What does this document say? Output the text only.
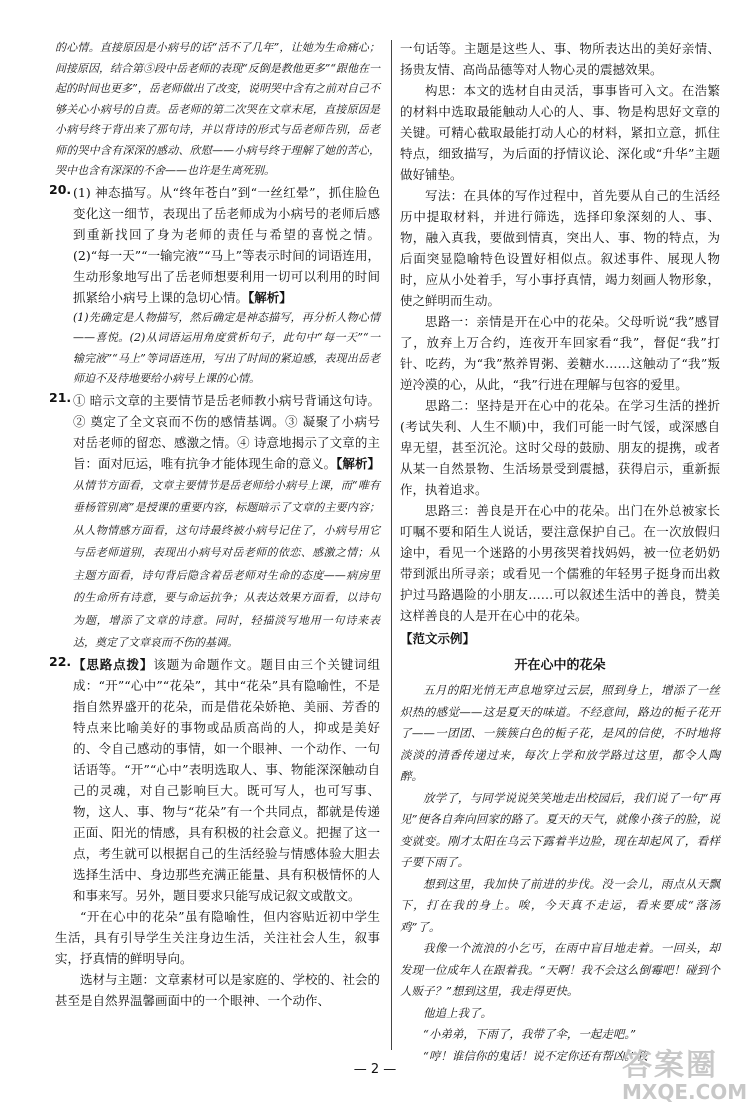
的心情。直接原因是小病号的话“活不了几年”，让她为生命痛心；间接原因，结合第⑤段中岳老师的表现“反倒是教他更多”“跟他在一起的时间也更多”，岳老师做出了改变，说明哭中含有之前对自己不够关心小病号的自责。岳老师的第二次哭在文章末尾，直接原因是小病号终于背出来了那句诗，并以背诗的形式与岳老师告别，岳老师的哭中含有深深的感动、欣慰——小病号终于理解了她的苦心，哭中也含有深深的不舍——也许是生离死别。

20. (1) 神态描写。从“终年苍白”到“一丝红晕”，抓住脸色变化这一细节，表现出了岳老师成为小病号的老师后感到重新找回了身为老师的责任与希望的喜悦之情。(2)“每一天”“一输完液”“马上”等表示时间的词语连用，生动形象地写出了岳老师想要利用一切可以利用的时间抓紧给小病号上课的急切心情。【解析】

(1)先确定是人物描写，然后确定是神态描写，再分析人物心情——喜悦。(2)从词语运用角度赏析句子，此句中“每一天”“一输完液”“马上”等词语连用，写出了时间的紧迫感，表现出岳老师迫不及待地要给小病号上课的心情。

21. ① 暗示文章的主要情节是岳老师教小病号背诵这句诗。② 奠定了全文哀而不伤的感情基调。③ 凝聚了小病号对岳老师的留恋、感激之情。④ 诗意地揭示了文章的主旨：面对厄运，唯有抗争才能体现生命的意义。【解析】从情节方面看，文章主要情节是岳老师给小病号上课，而“唯有垂杨管别离”是授课的重要内容，标题暗示了文章的主要内容；从人物情感方面看，这句诗最终被小病号记住了，小病号用它与岳老师道别，表现出小病号对岳老师的依恋、感激之情；从主题方面看，诗句背后隐含着岳老师对生命的态度——病房里的生命所有诗意，要与命运抗争；从表达效果方面看，以诗句为题，增添了文章的诗意。同时，轻描淡写地用一句诗来表达，奠定了文章哀而不伤的基调。

22. 【思路点拨】该题为命题作文。题目由三个关键词组成：“开”“心中”“花朵”，其中“花朵”具有隐喻性，不是指自然界盛开的花朵，而是借花朵娇艳、美丽、芳香的特点来比喻美好的事物或品质高尚的人，抑或是美好的、令自己感动的事情，如一个眼神、一个动作、一句话语等。“开”“心中”表明选取人、事、物能深深触动自己的灵魂，对自己影响巨大。既可写人，也可写事、物，这人、事、物与“花朵”有一个共同点，都就是传递正面、阳光的情感，具有积极的社会意义。把握了这一点，考生就可以根据自己的生活经验与情感体验大胆去选择生活中、身边那些充满正能量、具有积极情怀的人和事来写。另外，题目要求只能写成记叙文或散文。

“开在心中的花朵”虽有隐喻性，但内容贴近初中学生生活，具有引导学生关注身边生活，关注社会人生，叙事实，抒真情的鲜明导向。

选材与主题：文章素材可以是家庭的、学校的、社会的甚至是自然界温馨画面中的一个眼神、一个动作、

一句话等。主题是这些人、事、物所表达出的美好亲情、扬贵友情、高尚品德等对人物心灵的震撼效果。

构思：本文的选材自由灵活，事事皆可入文。在浩繁的材料中选取最能触动人心的人、事、物是构思好文章的关键。可精心截取最能打动人心的材料，紧扣立意，抓住特点，细致描写，为后面的抒情议论、深化或“升华”主题做好铺垫。

写法：在具体的写作过程中，首先要从自己的生活经历中提取材料，并进行筛选，选择印象深刻的人、事、物，融入真我，要做到情真，突出人、事、物的特点，为后面突显隐喻特色设置好相似点。叙述事件、展现人物时，应从小处着手，写小事抒真情，竭力刻画人物形象，使之鲜明而生动。

思路一：亲情是开在心中的花朵。父母听说“我”感冒了，放弃上万合约，连夜开车回家看“我”，督促“我”打针、吃药，为“我”熬养胃粥、姜糖水……这触动了“我”叛逆冷漠的心，从此，“我”行进在理解与包容的爱里。

思路二：坚持是开在心中的花朵。在学习生活的挫折(考试失利、人生不顺)中，我们可能一时气馁，或深感自卑无望，甚至沉沦。这时父母的鼓励、朋友的提携，或者从某一自然景物、生活场景受到震撼，获得启示，重新振作，执着追求。

思路三：善良是开在心中的花朵。出门在外总被家长叮嘱不要和陌生人说话，要注意保护自己。在一次放假归途中，看见一个迷路的小男孩哭着找妈妈，被一位老奶奶带到派出所寻亲；或看见一个儒雅的年轻男子挺身而出救护过马路遇险的小朋友……可以叙述生活中的善良，赞美这样善良的人是开在心中的花朵。

【范文示例】
开在心中的花朵

五月的阳光悄无声息地穿过云层，照到身上，增添了一丝炽热的感觉——这是夏天的味道。不经意间，路边的栀子花开了——一团团、一簇簇白色的栀子花，是风的信使，不时地将淡淡的清香传递过来，每次上学和放学路过这里，都令人陶醉。

放学了，与同学说说笑笑地走出校园后，我们说了一句“再见”便各自奔向回家的路了。夏天的天气，就像小孩子的脸，说变就变。刚才太阳在乌云下露着半边脸，现在却起风了，看样子要下雨了。

想到这里，我加快了前进的步伐。没一会儿，雨点从天飘下，打在我的身上。唉，今天真不走运，看来要成“落汤鸡”了。

我像一个流浪的小乞丐，在雨中盲目地走着。一回头，却发现一位成年人在跟着我。“天啊！我不会这么倒霉吧！碰到个人贩子？”想到这里，我走得更快。

他追上我了。

“小弟弟，下雨了，我带了伞，一起走吧。”

“哼！谁信你的鬼话！说不定你还有帮凶。”我

— 2 —	答案圈
MXQE.COM
